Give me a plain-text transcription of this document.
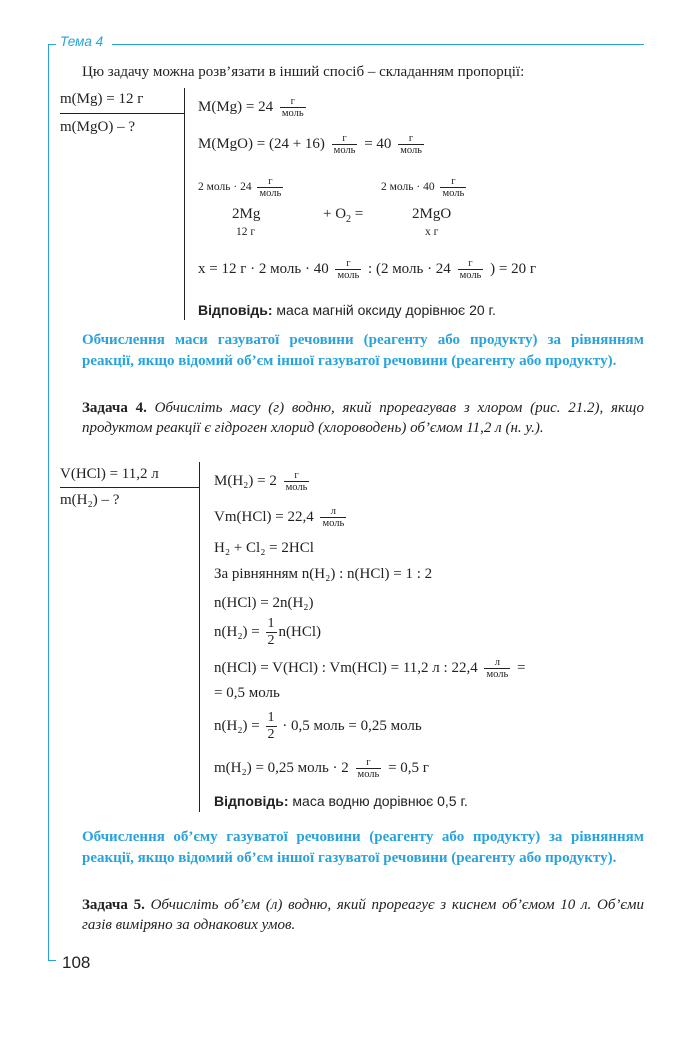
Тема 4
Цю задачу можна розв’язати в інший спосіб – складанням пропорції:
m(Mg) = 12 г
m(MgO) – ?
$M(Mg) = 24 \frac{г}{\text{моль}}$
$M(MgO) = (24 + 16) \frac{г}{\text{моль}} = 40 \frac{г}{\text{моль}}$
2 моль · $24 \frac{г}{\text{моль}}$	2 моль · $40 \frac{г}{\text{моль}}$
2Mg	+ $O_2$ =	2MgO
12 г	x г
x = 12 г · 2 моль · $40 \frac{г}{\text{моль}}$ : (2 моль · $24 \frac{г}{\text{моль}}$ ) = 20 г
Відповідь: маса магній оксиду дорівнює 20 г.
Обчислення маси газуватої речовини (реагенту або продукту) за рівнянням реакції, якщо відомий об’єм іншої газуватої речовини (реагенту або продукту).
Задача 4. Обчисліть масу (г) водню, який прореагував з хлором (рис. 21.2), якщо продуктом реакції є гідроген хлорид (хлороводень) об’ємом 11,2 л (н. у.).
V(HCl) = 11,2 л
m(H₂) – ?
$M(H_2) = 2 \frac{г}{\text{моль}}$
$Vm(HCl) = 22,4 \frac{л}{\text{моль}}$
H₂ + Cl₂ = 2HCl
За рівнянням n(H₂) : n(HCl) = 1 : 2
n(HCl) = 2n(H₂)
$n(H_2) = \frac{1}{2} n(HCl)$
n(HCl) = V(HCl) : Vm(HCl) = 11,2 л : $22,4 \frac{л}{\text{моль}}$ =
= 0,5 моль
$n(H_2) = \frac{1}{2} \cdot 0,5$ моль = 0,25 моль
m(H₂) = 0,25 моль · $2 \frac{г}{\text{моль}} = 0,5$ г
Відповідь: маса водню дорівнює 0,5 г.
Обчислення об’єму газуватої речовини (реагенту або продукту) за рівнянням реакції, якщо відомий об’єм іншої газуватої речовини (реагенту або продукту).
Задача 5. Обчисліть об’єм (л) водню, який прореагує з киснем об’ємом 10 л. Об’єми газів виміряно за однакових умов.
108
